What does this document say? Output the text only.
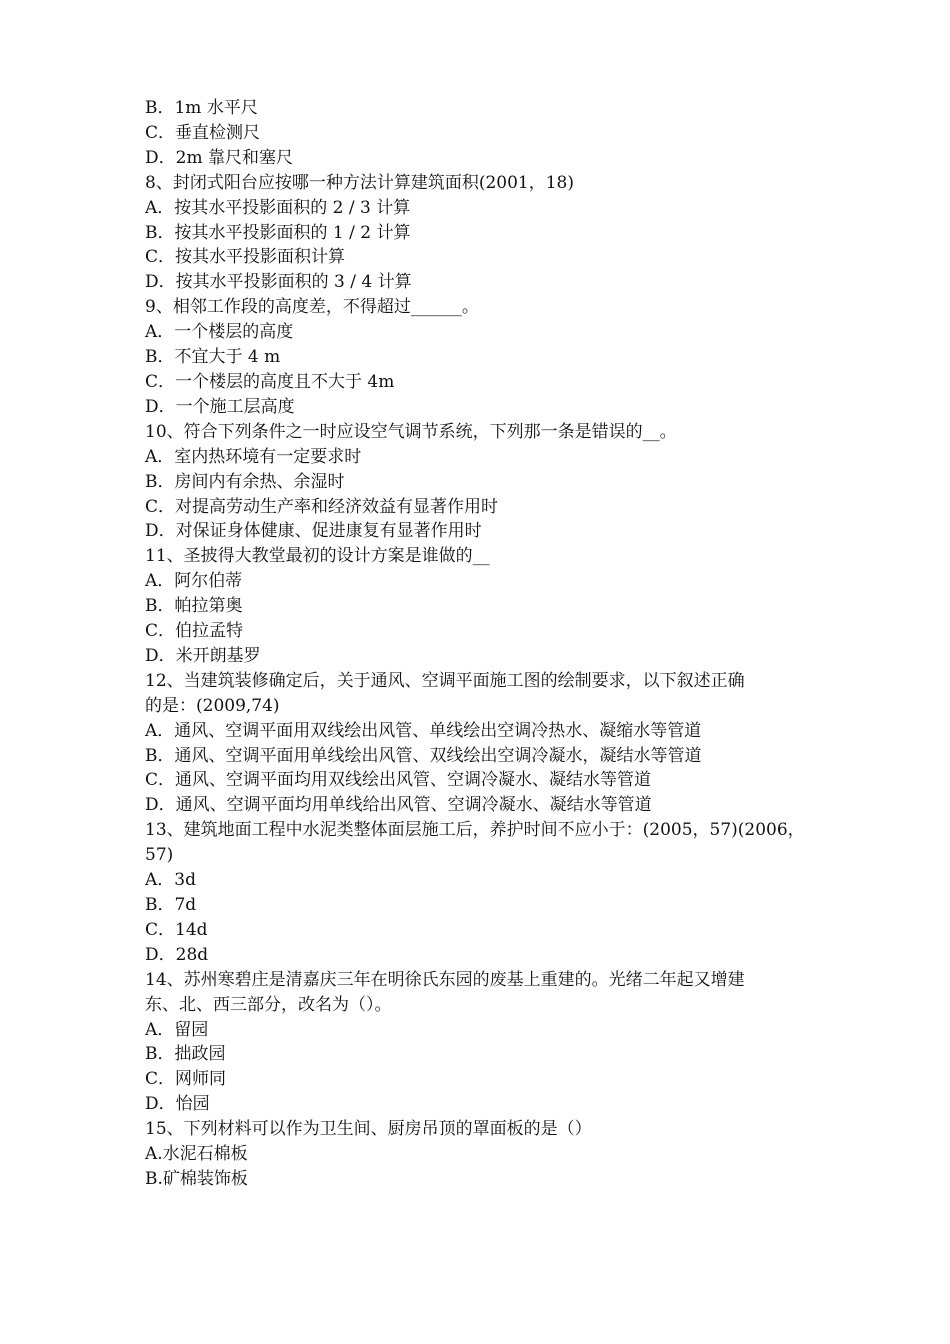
B．1m 水平尺
C．垂直检测尺
D．2m 靠尺和塞尺
8、封闭式阳台应按哪一种方法计算建筑面积(2001，18)
A．按其水平投影面积的 2 / 3 计算
B．按其水平投影面积的 1 / 2 计算
C．按其水平投影面积计算
D．按其水平投影面积的 3 / 4 计算
9、相邻工作段的高度差，不得超过______。
A．一个楼层的高度
B．不宜大于 4 m
C．一个楼层的高度且不大于 4m
D．一个施工层高度
10、符合下列条件之一时应设空气调节系统，下列那一条是错误的__。
A．室内热环境有一定要求时
B．房间内有余热、余湿时
C．对提高劳动生产率和经济效益有显著作用时
D．对保证身体健康、促进康复有显著作用时
11、圣披得大教堂最初的设计方案是谁做的__
A．阿尔伯蒂
B．帕拉第奥
C．伯拉孟特
D．米开朗基罗
12、当建筑装修确定后，关于通风、空调平面施工图的绘制要求，以下叙述正确
的是：(2009,74)
A．通风、空调平面用双线绘出风管、单线绘出空调冷热水、凝缩水等管道
B．通风、空调平面用单线绘出风管、双线绘出空调冷凝水，凝结水等管道
C．通风、空调平面均用双线绘出风管、空调冷凝水、凝结水等管道
D．通风、空调平面均用单线给出风管、空调冷凝水、凝结水等管道
13、建筑地面工程中水泥类整体面层施工后，养护时间不应小于：(2005，57)(2006，
57)
A．3d
B．7d
C．14d
D．28d
14、苏州寒碧庄是清嘉庆三年在明徐氏东园的废基上重建的。光绪二年起又增建
东、北、西三部分，改名为（）。
A．留园
B．拙政园
C．网师同
D．怡园
15、下列材料可以作为卫生间、厨房吊顶的罩面板的是（）
A.水泥石棉板
B.矿棉装饰板
